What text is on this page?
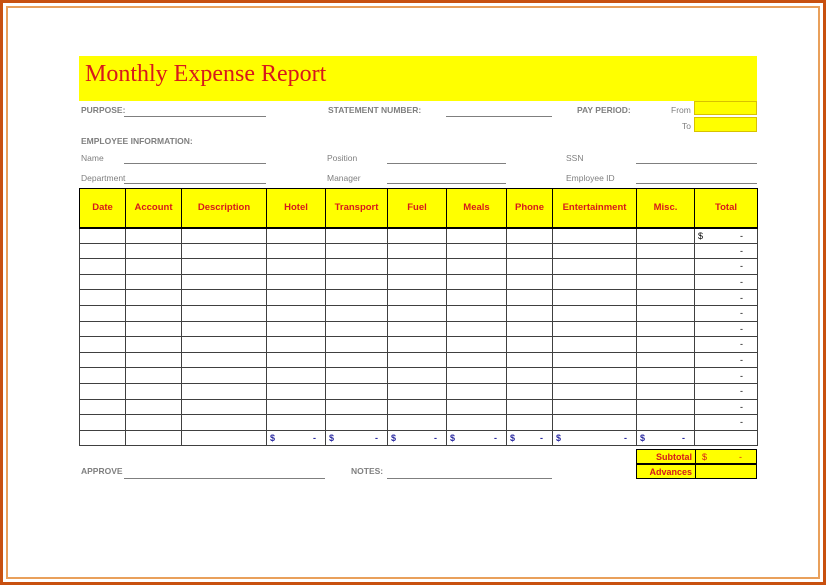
Monthly Expense Report
PURPOSE:	STATEMENT NUMBER:	PAY PERIOD:	From
To
EMPLOYEE INFORMATION:
Name	Position	SSN
Department	Manager	Employee ID
Date	Account	Description	Hotel	Transport	Fuel	Meals	Phone	Entertainment	Misc.	Total

										$ -

										-

										-

										-

										-

										-

										-

										-

										-

										-

										-

										-

										-

			$ -	$ -	$ -	$ -	$ -	$ -	$ -	

Subtotal	$	-
Advances
APPROVE	NOTES:
